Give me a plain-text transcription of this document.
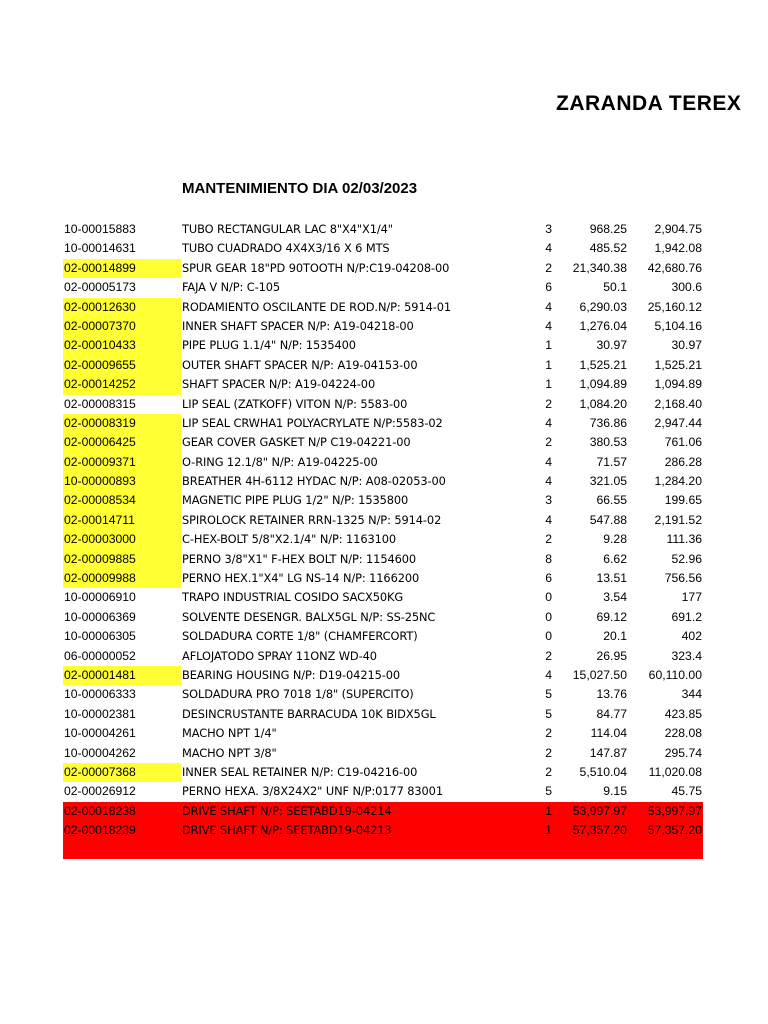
ZARANDA TEREX
MANTENIMIENTO DIA 02/03/2023
10-00015883	TUBO RECTANGULAR LAC 8"X4"X1/4"	3	968.25	2,904.75
10-00014631	TUBO CUADRADO 4X4X3/16 X 6 MTS	4	485.52	1,942.08
02-00014899	SPUR GEAR 18"PD 90TOOTH N/P:C19-04208-00	2	21,340.38	42,680.76
02-00005173	FAJA V N/P: C-105	6	50.1	300.6
02-00012630	RODAMIENTO OSCILANTE DE ROD.N/P: 5914-01	4	6,290.03	25,160.12
02-00007370	INNER SHAFT SPACER N/P: A19-04218-00	4	1,276.04	5,104.16
02-00010433	PIPE PLUG 1.1/4" N/P: 1535400	1	30.97	30.97
02-00009655	OUTER SHAFT SPACER N/P: A19-04153-00	1	1,525.21	1,525.21
02-00014252	SHAFT SPACER N/P: A19-04224-00	1	1,094.89	1,094.89
02-00008315	LIP SEAL (ZATKOFF) VITON N/P: 5583-00	2	1,084.20	2,168.40
02-00008319	LIP SEAL CRWHA1 POLYACRYLATE N/P:5583-02	4	736.86	2,947.44
02-00006425	GEAR COVER GASKET N/P C19-04221-00	2	380.53	761.06
02-00009371	O-RING 12.1/8" N/P: A19-04225-00	4	71.57	286.28
10-00000893	BREATHER 4H-6112 HYDAC N/P: A08-02053-00	4	321.05	1,284.20
02-00008534	MAGNETIC PIPE PLUG 1/2" N/P: 1535800	3	66.55	199.65
02-00014711	SPIROLOCK RETAINER RRN-1325 N/P: 5914-02	4	547.88	2,191.52
02-00003000	C-HEX-BOLT 5/8"X2.1/4" N/P: 1163100	2	9.28	111.36
02-00009885	PERNO 3/8"X1" F-HEX BOLT N/P: 1154600	8	6.62	52.96
02-00009988	PERNO HEX.1"X4" LG NS-14 N/P: 1166200	6	13.51	756.56
10-00006910	TRAPO INDUSTRIAL COSIDO SACX50KG	0	3.54	177
10-00006369	SOLVENTE DESENGR. BALX5GL N/P: SS-25NC	0	69.12	691.2
10-00006305	SOLDADURA CORTE 1/8" (CHAMFERCORT)	0	20.1	402
06-00000052	AFLOJATODO SPRAY 11ONZ WD-40	2	26.95	323.4
02-00001481	BEARING HOUSING N/P: D19-04215-00	4	15,027.50	60,110.00
10-00006333	SOLDADURA PRO 7018 1/8" (SUPERCITO)	5	13.76	344
10-00002381	DESINCRUSTANTE BARRACUDA 10K BIDX5GL	5	84.77	423.85
10-00004261	MACHO NPT 1/4"	2	114.04	228.08
10-00004262	MACHO NPT 3/8"	2	147.87	295.74
02-00007368	INNER SEAL RETAINER N/P: C19-04216-00	2	5,510.04	11,020.08
02-00026912	PERNO HEXA. 3/8X24X2" UNF N/P:0177 83001	5	9.15	45.75
02-00018238	DRIVE SHAFT N/P: SEETABD19-04214	1	53,997.97	53,997.97
02-00018239	DRIVE SHAFT N/P: SEETABD19-04213	1	57,357.20	57,357.20
